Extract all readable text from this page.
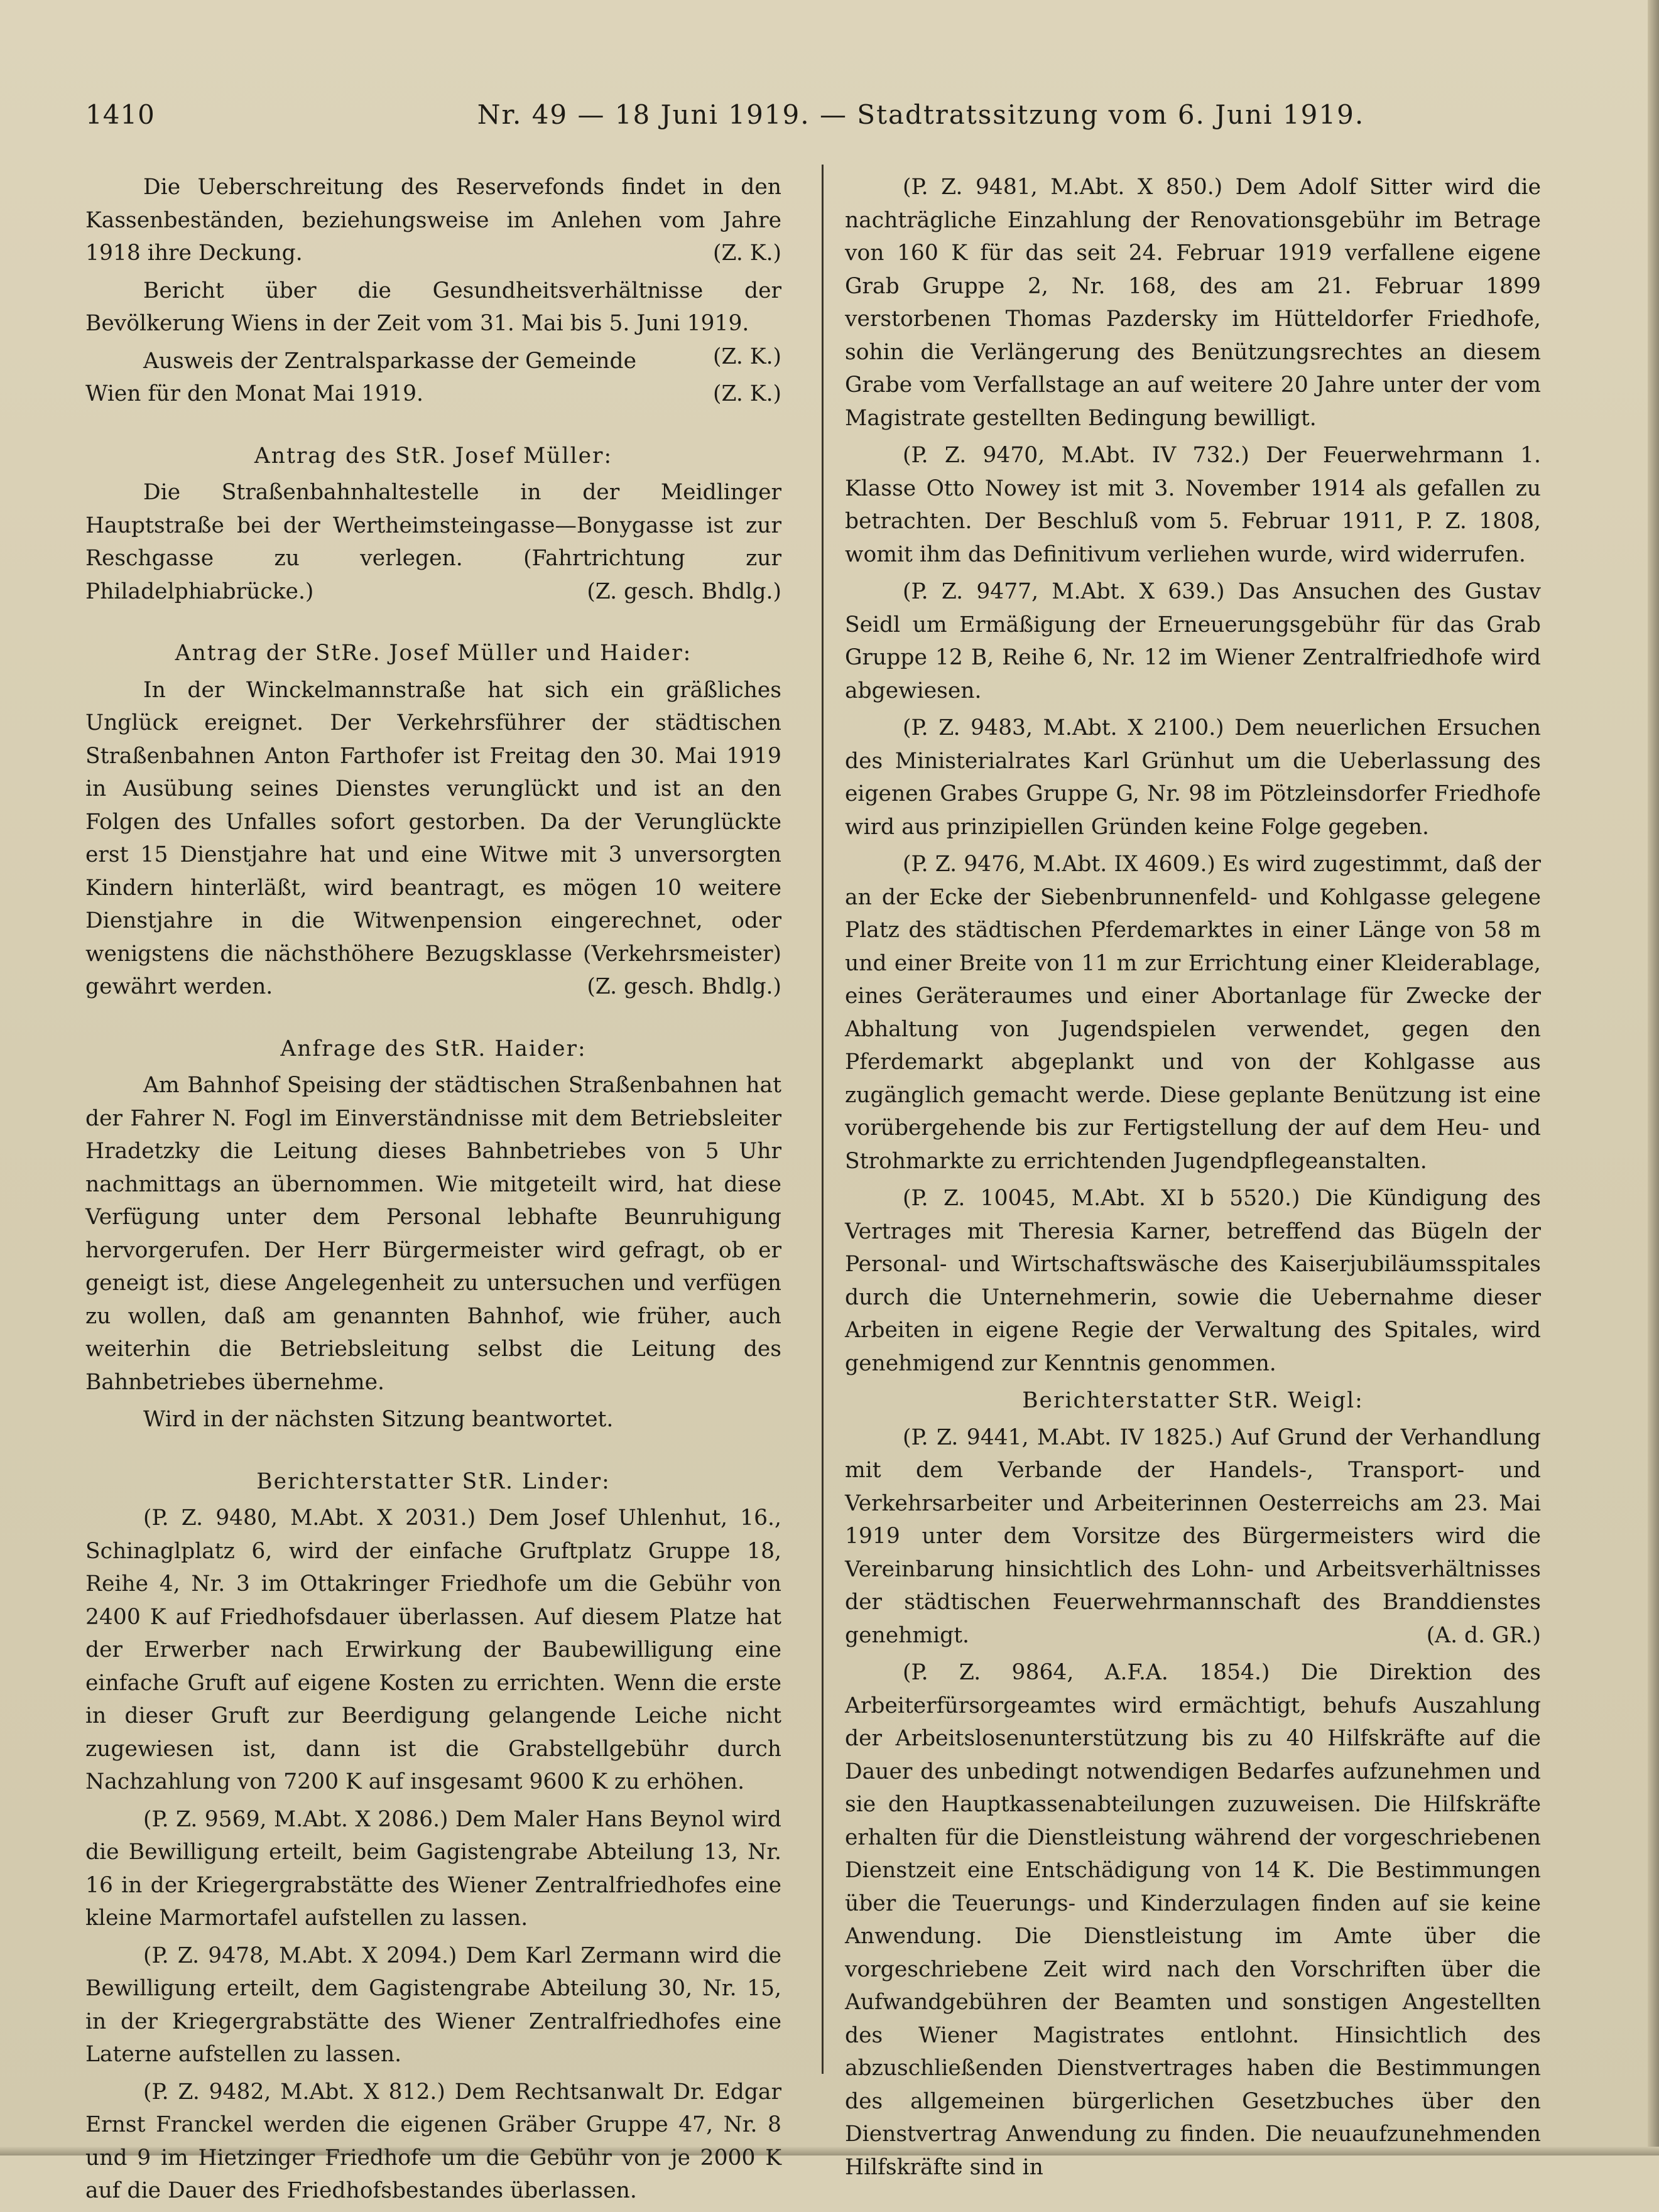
1410	Nr. 49 — 18 Juni 1919. — Stadtratssitzung vom 6. Juni 1919.

Die Ueberschreitung des Reservefonds findet in den Kassenbeständen, beziehungsweise im Anlehen vom Jahre 1918 ihre Deckung.	(Z. K.)

Bericht über die Gesundheitsverhältnisse der Bevölkerung Wiens in der Zeit vom 31. Mai bis 5. Juni 1919.
(Z. K.)

Ausweis der Zentralsparkasse der Gemeinde Wien für den Monat Mai 1919.	(Z. K.)

Antrag des StR. Josef Müller:

Die Straßenbahnhaltestelle in der Meidlinger Hauptstraße bei der Wertheimsteingasse—Bonygasse ist zur Reschgasse zu verlegen. (Fahrtrichtung zur Philadelphiabrücke.)	(Z. gesch. Bhdlg.)

Antrag der StRe. Josef Müller und Haider:

In der Winckelmannstraße hat sich ein gräßliches Unglück ereignet. Der Verkehrsführer der städtischen Straßenbahnen Anton Farthofer ist Freitag den 30. Mai 1919 in Ausübung seines Dienstes verunglückt und ist an den Folgen des Unfalles sofort gestorben. Da der Verunglückte erst 15 Dienstjahre hat und eine Witwe mit 3 unversorgten Kindern hinterläßt, wird beantragt, es mögen 10 weitere Dienstjahre in die Witwenpension eingerechnet, oder wenigstens die nächsthöhere Bezugsklasse (Verkehrsmeister) gewährt werden.	(Z. gesch. Bhdlg.)

Anfrage des StR. Haider:

Am Bahnhof Speising der städtischen Straßenbahnen hat der Fahrer N. Fogl im Einverständnisse mit dem Betriebsleiter Hradetzky die Leitung dieses Bahnbetriebes von 5 Uhr nachmittags an übernommen. Wie mitgeteilt wird, hat diese Verfügung unter dem Personal lebhafte Beunruhigung hervorgerufen. Der Herr Bürgermeister wird gefragt, ob er geneigt ist, diese Angelegenheit zu untersuchen und verfügen zu wollen, daß am genannten Bahnhof, wie früher, auch weiterhin die Betriebsleitung selbst die Leitung des Bahnbetriebes übernehme.

Wird in der nächsten Sitzung beantwortet.

Berichterstatter StR. Linder:

(P. Z. 9480, M.Abt. X 2031.) Dem Josef Uhlenhut, 16., Schinaglplatz 6, wird der einfache Gruftplatz Gruppe 18, Reihe 4, Nr. 3 im Ottakringer Friedhofe um die Gebühr von 2400 K auf Friedhofsdauer überlassen. Auf diesem Platze hat der Erwerber nach Erwirkung der Baubewilligung eine einfache Gruft auf eigene Kosten zu errichten. Wenn die erste in dieser Gruft zur Beerdigung gelangende Leiche nicht zugewiesen ist, dann ist die Grabstellgebühr durch Nachzahlung von 7200 K auf insgesamt 9600 K zu erhöhen.

(P. Z. 9569, M.Abt. X 2086.) Dem Maler Hans Beynol wird die Bewilligung erteilt, beim Gagistengrabe Abteilung 13, Nr. 16 in der Kriegergrabstätte des Wiener Zentralfriedhofes eine kleine Marmortafel aufstellen zu lassen.

(P. Z. 9478, M.Abt. X 2094.) Dem Karl Zermann wird die Bewilligung erteilt, dem Gagistengrabe Abteilung 30, Nr. 15, in der Kriegergrabstätte des Wiener Zentralfriedhofes eine Laterne aufstellen zu lassen.

(P. Z. 9482, M.Abt. X 812.) Dem Rechtsanwalt Dr. Edgar Ernst Franckel werden die eigenen Gräber Gruppe 47, Nr. 8 und 9 im Hietzinger Friedhofe um die Gebühr von je 2000 K auf die Dauer des Friedhofsbestandes überlassen.

(P. Z. 9481, M.Abt. X 850.) Dem Adolf Sitter wird die nachträgliche Einzahlung der Renovationsgebühr im Betrage von 160 K für das seit 24. Februar 1919 verfallene eigene Grab Gruppe 2, Nr. 168, des am 21. Februar 1899 verstorbenen Thomas Pazdersky im Hütteldorfer Friedhofe, sohin die Verlängerung des Benützungsrechtes an diesem Grabe vom Verfallstage an auf weitere 20 Jahre unter der vom Magistrate gestellten Bedingung bewilligt.

(P. Z. 9470, M.Abt. IV 732.) Der Feuerwehrmann 1. Klasse Otto Nowey ist mit 3. November 1914 als gefallen zu betrachten. Der Beschluß vom 5. Februar 1911, P. Z. 1808, womit ihm das Definitivum verliehen wurde, wird widerrufen.

(P. Z. 9477, M.Abt. X 639.) Das Ansuchen des Gustav Seidl um Ermäßigung der Erneuerungsgebühr für das Grab Gruppe 12 B, Reihe 6, Nr. 12 im Wiener Zentralfriedhofe wird abgewiesen.

(P. Z. 9483, M.Abt. X 2100.) Dem neuerlichen Ersuchen des Ministerialrates Karl Grünhut um die Ueberlassung des eigenen Grabes Gruppe G, Nr. 98 im Pötzleinsdorfer Friedhofe wird aus prinzipiellen Gründen keine Folge gegeben.

(P. Z. 9476, M.Abt. IX 4609.) Es wird zugestimmt, daß der an der Ecke der Siebenbrunnenfeld- und Kohlgasse gelegene Platz des städtischen Pferdemarktes in einer Länge von 58 m und einer Breite von 11 m zur Errichtung einer Kleiderablage, eines Geräteraumes und einer Abortanlage für Zwecke der Abhaltung von Jugendspielen verwendet, gegen den Pferdemarkt abgeplankt und von der Kohlgasse aus zugänglich gemacht werde. Diese geplante Benützung ist eine vorübergehende bis zur Fertigstellung der auf dem Heu- und Strohmarkte zu errichtenden Jugendpflegeanstalten.

(P. Z. 10045, M.Abt. XI b 5520.) Die Kündigung des Vertrages mit Theresia Karner, betreffend das Bügeln der Personal- und Wirtschaftswäsche des Kaiserjubiläumsspitales durch die Unternehmerin, sowie die Uebernahme dieser Arbeiten in eigene Regie der Verwaltung des Spitales, wird genehmigend zur Kenntnis genommen.

Berichterstatter StR. Weigl:

(P. Z. 9441, M.Abt. IV 1825.) Auf Grund der Verhandlung mit dem Verbande der Handels-, Transport- und Verkehrsarbeiter und Arbeiterinnen Oesterreichs am 23. Mai 1919 unter dem Vorsitze des Bürgermeisters wird die Vereinbarung hinsichtlich des Lohn- und Arbeitsverhältnisses der städtischen Feuerwehrmannschaft des Branddienstes genehmigt.	(A. d. GR.)

(P. Z. 9864, A.F.A. 1854.) Die Direktion des Arbeiterfürsorgeamtes wird ermächtigt, behufs Auszahlung der Arbeitslosenunterstützung bis zu 40 Hilfskräfte auf die Dauer des unbedingt notwendigen Bedarfes aufzunehmen und sie den Hauptkassenabteilungen zuzuweisen. Die Hilfskräfte erhalten für die Dienstleistung während der vorgeschriebenen Dienstzeit eine Entschädigung von 14 K. Die Bestimmungen über die Teuerungs- und Kinderzulagen finden auf sie keine Anwendung. Die Dienstleistung im Amte über die vorgeschriebene Zeit wird nach den Vorschriften über die Aufwandgebühren der Beamten und sonstigen Angestellten des Wiener Magistrates entlohnt. Hinsichtlich des abzuschließenden Dienstvertrages haben die Bestimmungen des allgemeinen bürgerlichen Gesetzbuches über den Dienstvertrag Anwendung zu finden. Die neuaufzunehmenden Hilfskräfte sind in
